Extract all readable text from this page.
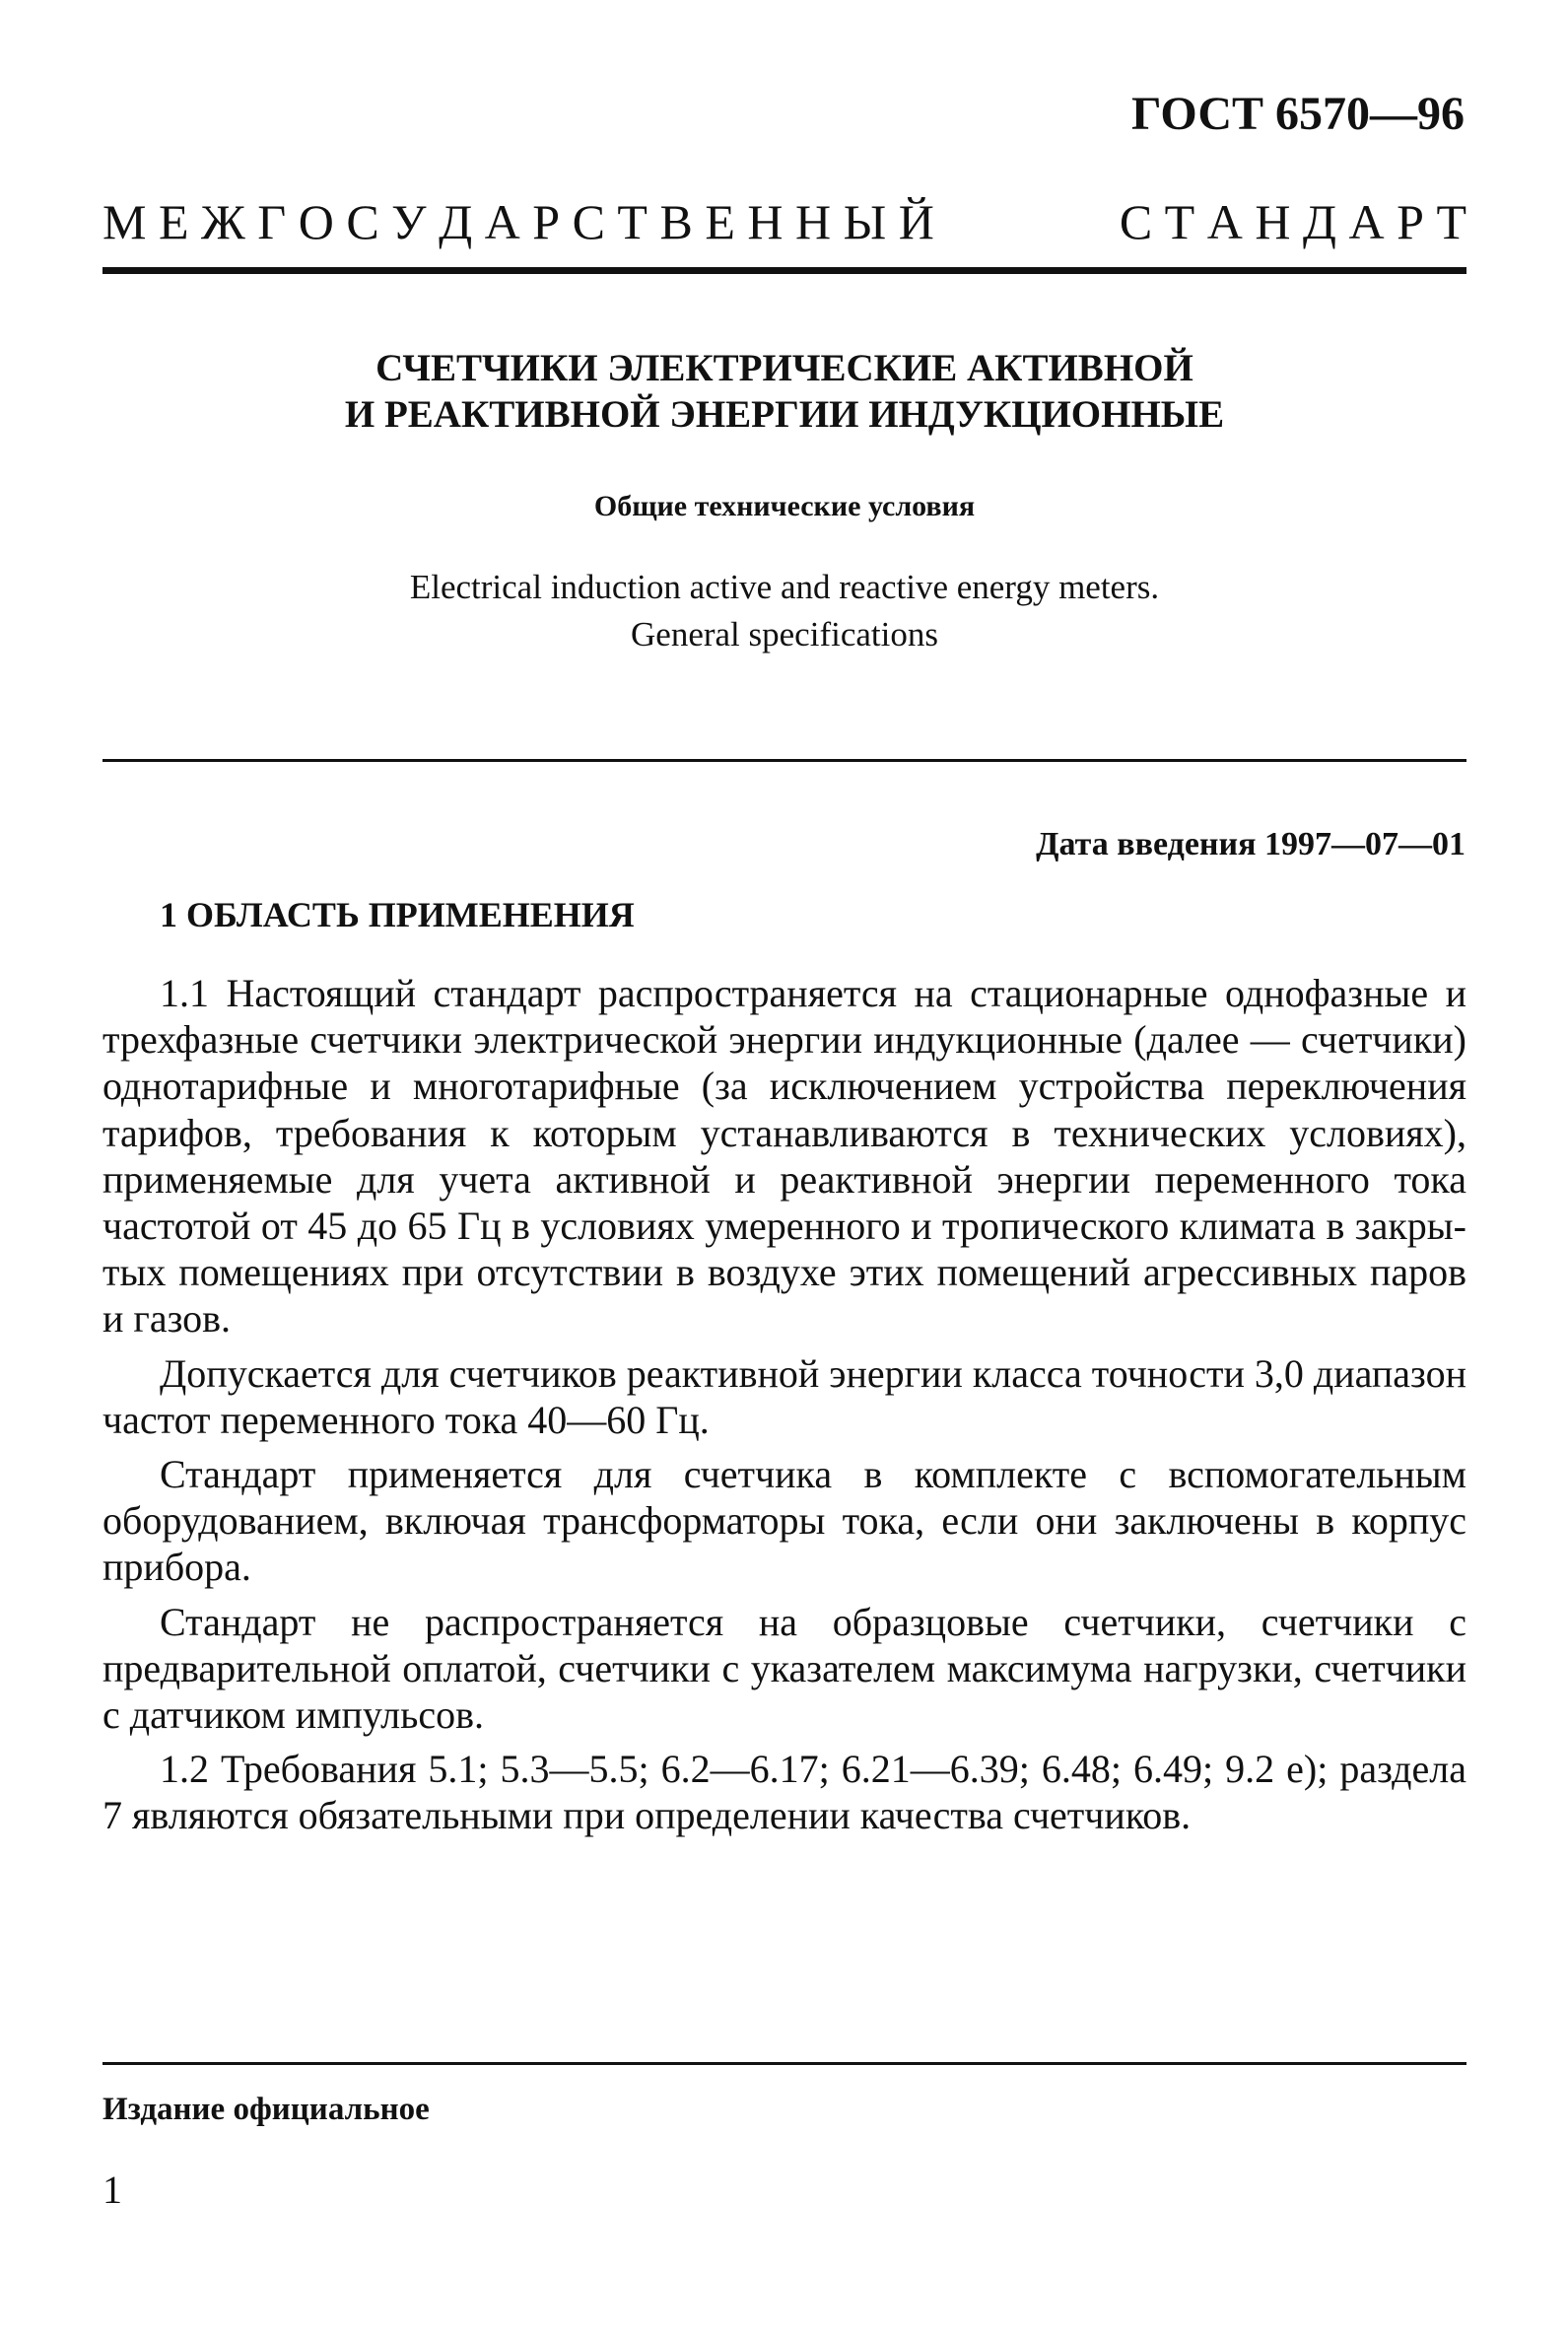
ГОСТ 6570—96

М Е Ж Г О С У Д А Р С Т В Е Н Н Ы Й	С Т А Н Д А Р Т
СЧЕТЧИКИ ЭЛЕКТРИЧЕСКИЕ АКТИВНОЙ
И РЕАКТИВНОЙ ЭНЕРГИИ ИНДУКЦИОННЫЕ

Общие технические условия

Electrical induction active and reactive energy meters.
General specifications

Дата введения 1997—07—01

1 ОБЛАСТЬ ПРИМЕНЕНИЯ

1.1 Настоящий стандарт распространяется на стационарные однофазные и трехфазные счетчики электрической энергии индукционные (далее — счетчики) однотарифные и многотарифные (за исключением устройства переключения тарифов, требования к которым устанавливаются в технических условиях), применяемые для учета активной и реактивной энергии переменного тока частотой от 45 до 65 Гц в условиях умеренного и тропического климата в закрытых помещениях при отсутствии в воздухе этих помещений агрессивных паров и газов.

Допускается для счетчиков реактивной энергии класса точности 3,0 диапазон частот переменного тока 40—60 Гц.

Стандарт применяется для счетчика в комплекте с вспомогательным оборудованием, включая трансформаторы тока, если они заключены в корпус прибора.

Стандарт не распространяется на образцовые счетчики, счетчики с предварительной оплатой, счетчики с указателем максимума нагрузки, счетчики с датчиком импульсов.

1.2 Требования 5.1; 5.3—5.5; 6.2—6.17; 6.21—6.39; 6.48; 6.49; 9.2 е); раздела 7 являются обязательными при определении качества счетчиков.

Издание официальное

1
